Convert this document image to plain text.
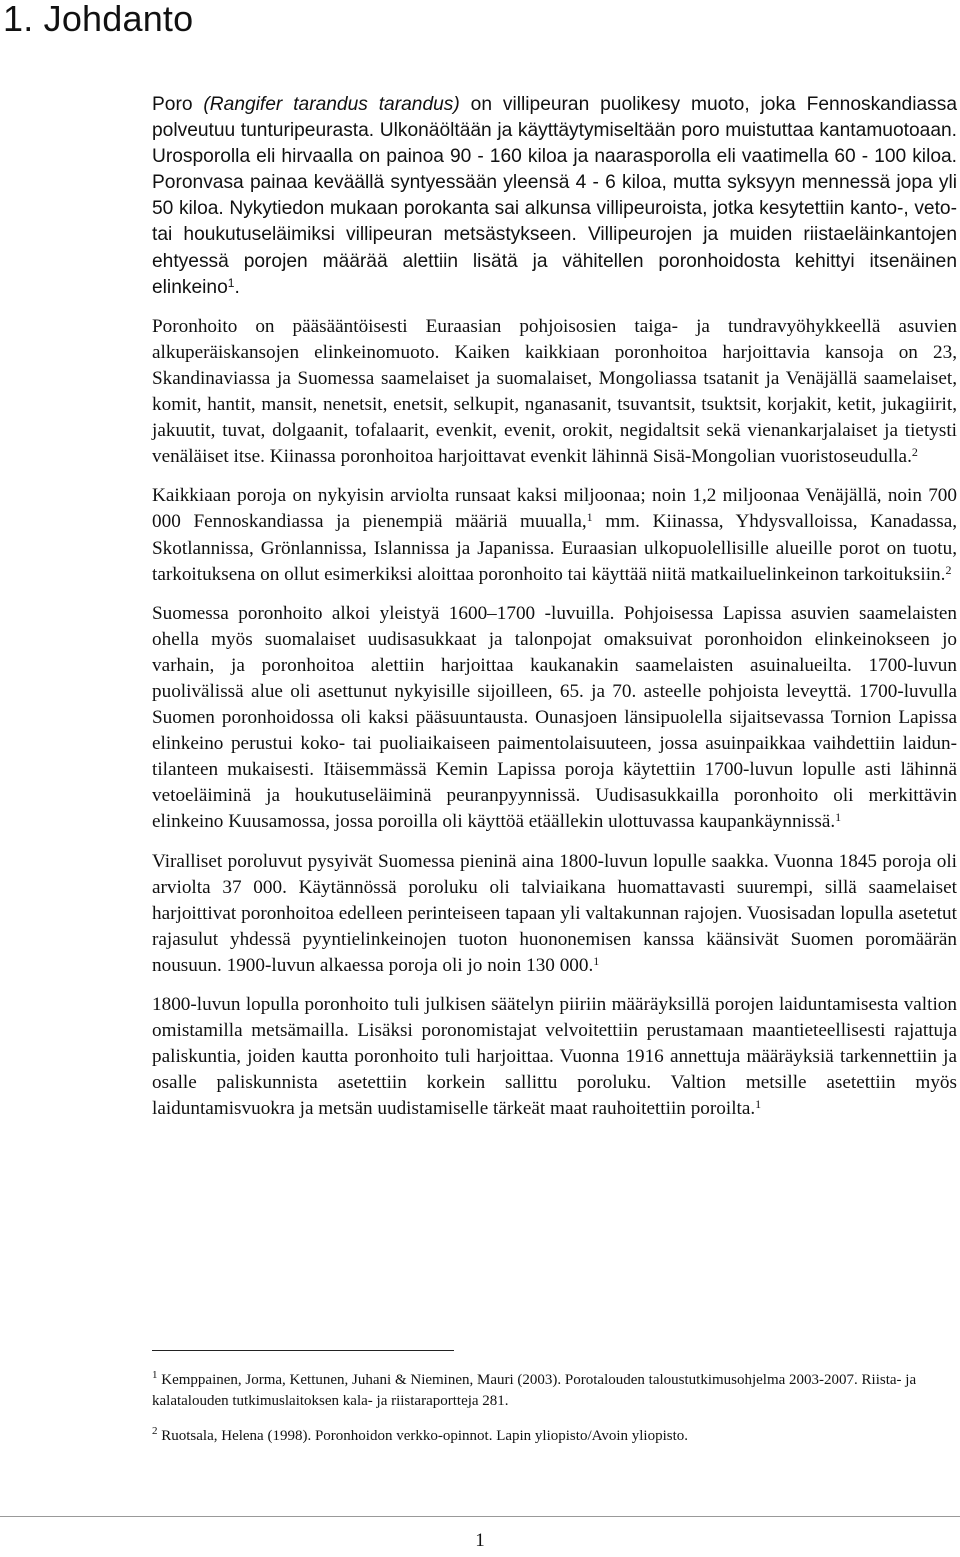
1. Johdanto

Poro (Rangifer tarandus tarandus) on villipeuran puolikesy muoto, joka Fennoskandiassa polveutuu tunturipeurasta. Ulkonäöltään ja käyttäytymiseltään poro muistuttaa kantamuotoaan. Urosporolla eli hirvaalla on painoa 90 - 160 kiloa ja naarasporolla eli vaatimella 60 - 100 kiloa. Poronvasa painaa keväällä syntyessään yleensä 4 - 6 kiloa, mutta syksyyn mennessä jopa yli 50 kiloa. Nykytiedon mukaan porokanta sai alkunsa villipeuroista, jotka kesytettiin kanto-, veto- tai houkutuseläimiksi villipeuran metsästykseen. Villipeurojen ja muiden riistaeläinkantojen ehtyessä porojen määrää alettiin lisätä ja vähitellen poronhoidosta kehittyi itsenäinen elinkeino$^1$.

Poronhoito on pääsääntöisesti Euraasian pohjoisosien taiga- ja tundravyöhykkeellä asuvien alkuperäiskansojen elinkeinomuoto. Kaiken kaikkiaan poronhoitoa harjoittavia kansoja on 23, Skandinaviassa ja Suomessa saamelaiset ja suomalaiset, Mongoliassa tsatanit ja Venäjällä saamelaiset, komit, hantit, mansit, nenetsit, enetsit, selkupit, nganasanit, tsuvantsit, tsuktsit, korjakit, ketit, jukagiirit, jakuutit, tuvat, dolgaanit, tofalaarit, evenkit, evenit, orokit, negidaltsit sekä vienankarjalaiset ja tietysti venäläiset itse. Kiinassa poronhoitoa harjoittavat evenkit lähinnä Sisä-Mongolian vuoristoseudulla.$^2$

Kaikkiaan poroja on nykyisin arviolta runsaat kaksi miljoonaa; noin 1,2 miljoonaa Venäjällä, noin 700 000 Fennoskandiassa ja pienempiä määriä muualla,$^1$ mm. Kiinassa, Yhdysvalloissa, Kanadassa, Skotlannissa, Grönlannissa, Islannissa ja Japanissa. Euraasian ulkopuolellisille alueille porot on tuotu, tarkoituksena on ollut esimerkiksi aloittaa poronhoito tai käyttää niitä matkailuelinkeinon tarkoituksiin.$^2$

Suomessa poronhoito alkoi yleistyä 1600–1700 -luvuilla. Pohjoisessa Lapissa asuvien saamelaisten ohella myös suomalaiset uudisasukkaat ja talonpojat omaksuivat poronhoidon elinkeinokseen jo varhain, ja poronhoitoa alettiin harjoittaa kaukanakin saamelaisten asuinalueilta. 1700-luvun puolivälissä alue oli asettunut nykyisille sijoilleen, 65. ja 70. asteelle pohjoista leveyttä. 1700-luvulla Suomen poronhoidossa oli kaksi pääsuuntausta. Ounasjoen länsipuolella sijaitsevassa Tornion Lapissa elinkeino perustui koko- tai puoliaikaiseen paimentolaisuuteen, jossa asuinpaikkaa vaihdettiin laiduntilanteen mukaisesti. Itäisemmässä Kemin Lapissa poroja käytettiin 1700-luvun lopulle asti lähinnä vetoeläiminä ja houkutuseläiminä peuranpyynnissä. Uudisasukkailla poronhoito oli merkittävin elinkeino Kuusamossa, jossa poroilla oli käyttöä etäällekin ulottuvassa kaupankäynnissä.$^1$

Viralliset poroluvut pysyivät Suomessa pieninä aina 1800-luvun lopulle saakka. Vuonna 1845 poroja oli arviolta 37 000. Käytännössä poroluku oli talviaikana huomattavasti suurempi, sillä saamelaiset harjoittivat poronhoitoa edelleen perinteiseen tapaan yli valtakunnan rajojen. Vuosisadan lopulla asetetut rajasulut yhdessä pyyntielinkeinojen tuoton huononemisen kanssa käänsivät Suomen poromäärän nousuun. 1900-luvun alkaessa poroja oli jo noin 130 000.$^1$

1800-luvun lopulla poronhoito tuli julkisen säätelyn piiriin määräyksillä porojen laiduntamisesta valtion omistamilla metsämailla. Lisäksi poronomistajat velvoitettiin perustamaan maantieteellisesti rajattuja paliskuntia, joiden kautta poronhoito tuli harjoittaa. Vuonna 1916 annettuja määräyksiä tarkennettiin ja osalle paliskunnista asetettiin korkein sallittu poroluku. Valtion metsille asetettiin myös laiduntamisvuokra ja metsän uudistamiselle tärkeät maat rauhoitettiin poroilta.$^1$

$^1$ Kemppainen, Jorma, Kettunen, Juhani & Nieminen, Mauri (2003). Porotalouden taloustutkimusohjelma 2003-2007. Riista- ja kalatalouden tutkimuslaitoksen kala- ja riistaraportteja 281.

$^2$ Ruotsala, Helena (1998). Poronhoidon verkko-opinnot. Lapin yliopisto/Avoin yliopisto.

1
